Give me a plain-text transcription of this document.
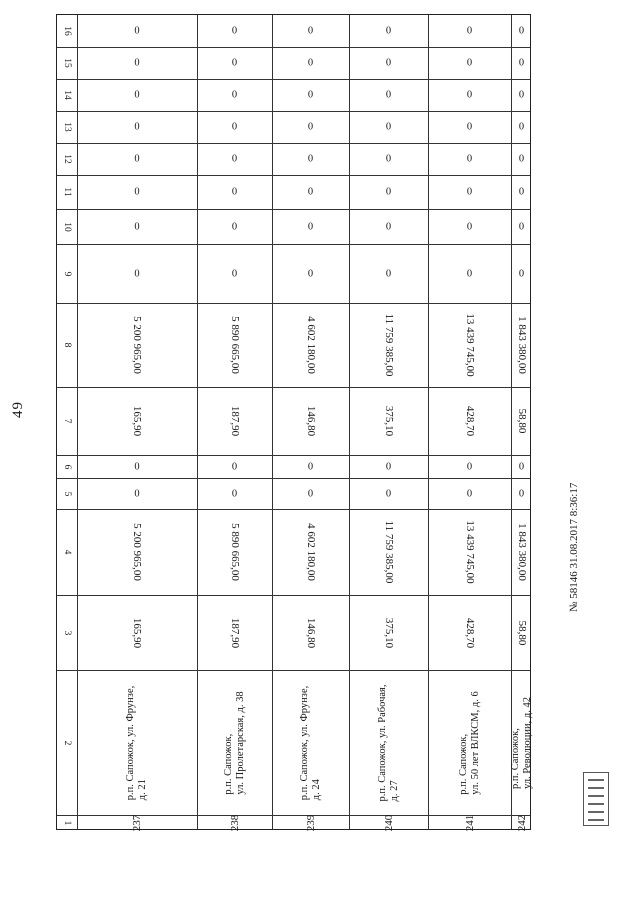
49
1
2
3
4
5
6
7
8
9
10
11
12
13
14
15
16
237
р.п. Сапожок, ул. Фрунзе, д. 21
165,90
5 200 965,00
0
0
165,90
5 200 965,00
0
0
0
0
0
0
0
0
238
р.п. Сапожок, ул. Пролетарская, д. 38
187,90
5 890 665,00
0
0
187,90
5 890 665,00
0
0
0
0
0
0
0
0
239
р.п. Сапожок, ул. Фрунзе, д. 24
146,80
4 602 180,00
0
0
146,80
4 602 180,00
0
0
0
0
0
0
0
0
240
р.п. Сапожок, ул. Рабочая, д. 27
375,10
11 759 385,00
0
0
375,10
11 759 385,00
0
0
0
0
0
0
0
0
241
р.п. Сапожок, ул. 50 лет ВЛКСМ, д. 6
428,70
13 439 745,00
0
0
428,70
13 439 745,00
0
0
0
0
0
0
0
0
242
р.п. Сапожок, ул. Революции, д. 42
58,80
1 843 380,00
0
0
58,80
1 843 380,00
0
0
0
0
0
0
0
0
№ 58146 31.08.2017 8:36:17
